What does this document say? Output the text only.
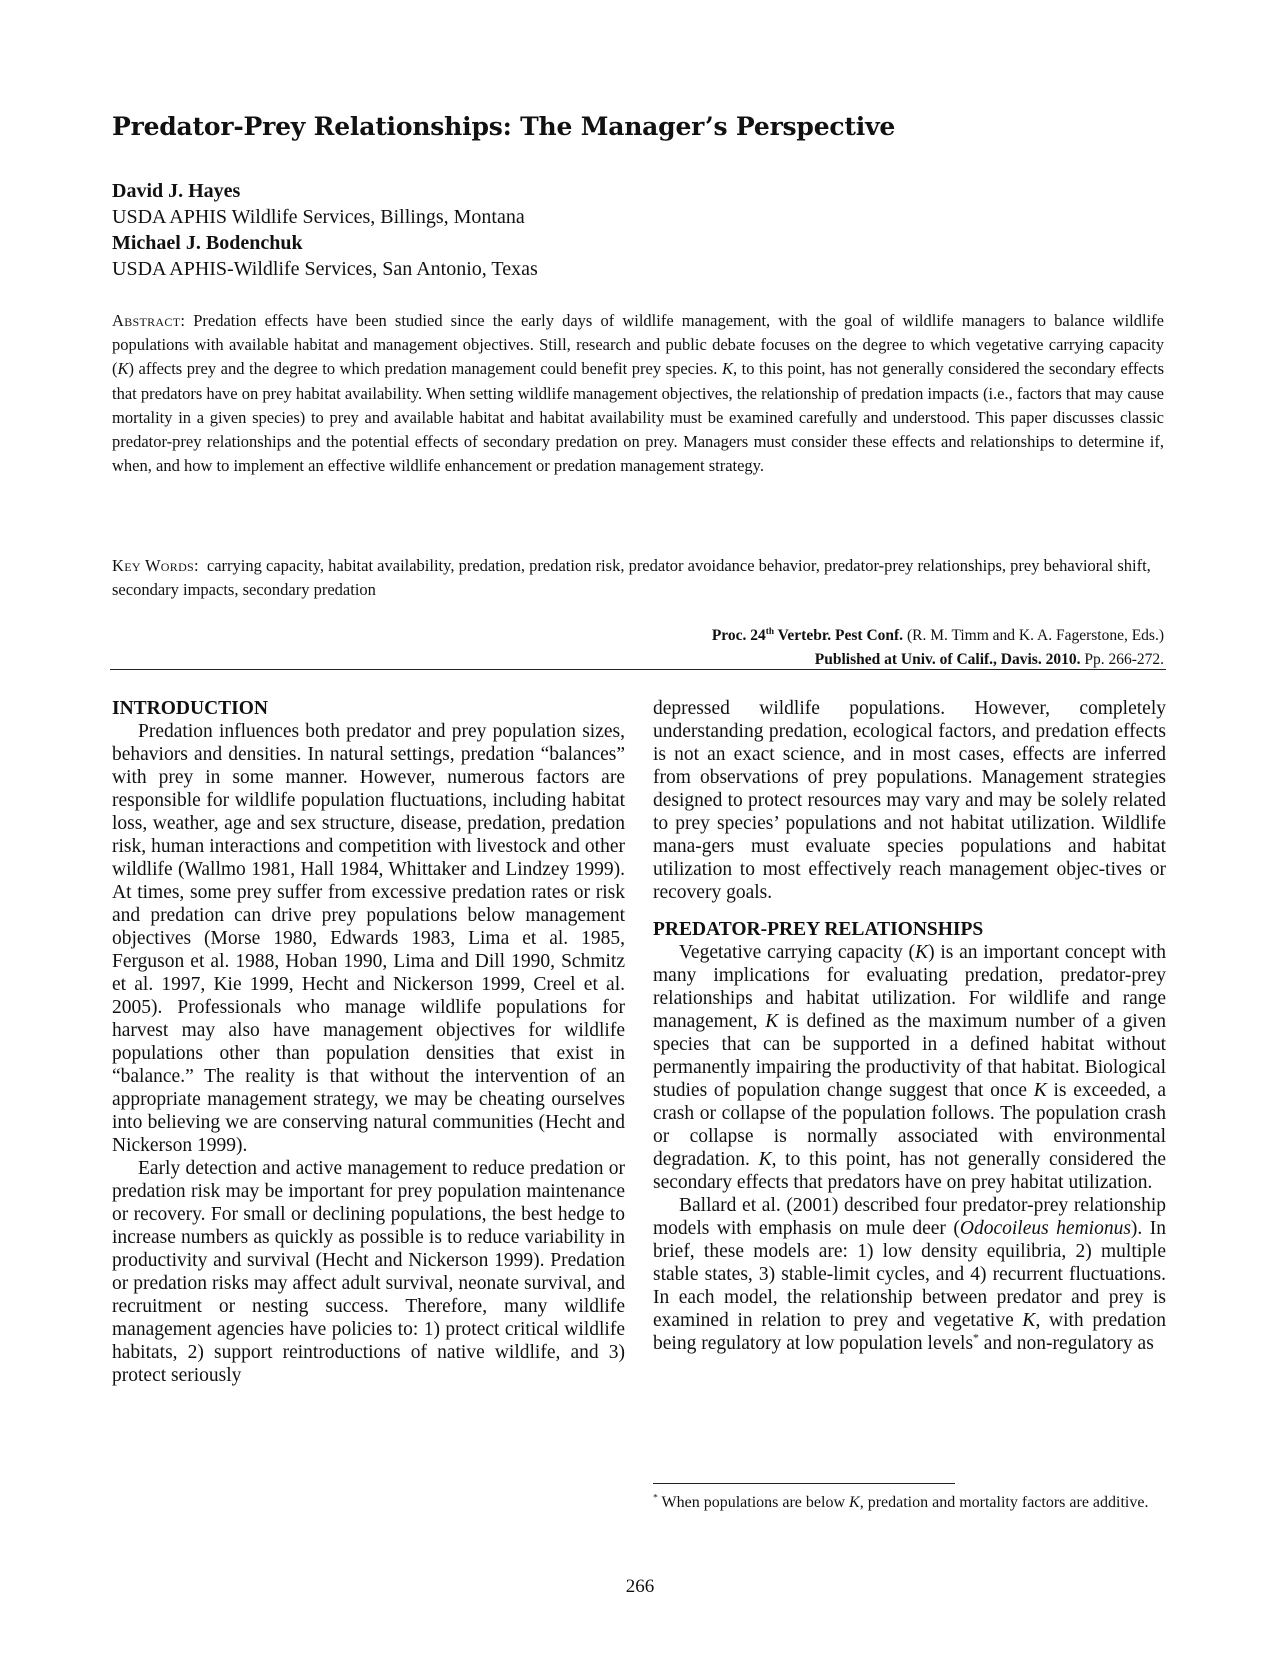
Predator-Prey Relationships: The Manager’s Perspective
David J. Hayes
USDA APHIS Wildlife Services, Billings, Montana
Michael J. Bodenchuk
USDA APHIS-Wildlife Services, San Antonio, Texas

Abstract: Predation effects have been studied since the early days of wildlife management, with the goal of wildlife managers to balance wildlife populations with available habitat and management objectives. Still, research and public debate focuses on the degree to which vegetative carrying capacity (K) affects prey and the degree to which predation management could benefit prey species. K, to this point, has not generally considered the secondary effects that predators have on prey habitat availability. When setting wildlife management objectives, the relationship of predation impacts (i.e., factors that may cause mortality in a given species) to prey and available habitat and habitat availability must be examined carefully and understood. This paper discusses classic predator-prey relationships and the potential effects of secondary predation on prey. Managers must consider these effects and relationships to determine if, when, and how to implement an effective wildlife enhancement or predation management strategy.

Key Words: carrying capacity, habitat availability, predation, predation risk, predator avoidance behavior, predator-prey relationships, prey behavioral shift, secondary impacts, secondary predation

Proc. 24th Vertebr. Pest Conf. (R. M. Timm and K. A. Fagerstone, Eds.)
Published at Univ. of Calif., Davis. 2010. Pp. 266-272.
INTRODUCTION

Predation influences both predator and prey population sizes, behaviors and densities. In natural settings, predation “balances” with prey in some manner. However, numerous factors are responsible for wildlife population fluctuations, including habitat loss, weather, age and sex structure, disease, predation, predation risk, human interactions and competition with livestock and other wildlife (Wallmo 1981, Hall 1984, Whittaker and Lindzey 1999). At times, some prey suffer from excessive predation rates or risk and predation can drive prey populations below management objectives (Morse 1980, Edwards 1983, Lima et al. 1985, Ferguson et al. 1988, Hoban 1990, Lima and Dill 1990, Schmitz et al. 1997, Kie 1999, Hecht and Nickerson 1999, Creel et al. 2005). Professionals who manage wildlife populations for harvest may also have management objectives for wildlife populations other than population densities that exist in “balance.” The reality is that without the intervention of an appropriate management strategy, we may be cheating ourselves into believing we are conserving natural communities (Hecht and Nickerson 1999).

Early detection and active management to reduce predation or predation risk may be important for prey population maintenance or recovery. For small or declining populations, the best hedge to increase numbers as quickly as possible is to reduce variability in productivity and survival (Hecht and Nickerson 1999). Predation or predation risks may affect adult survival, neonate survival, and recruitment or nesting success. Therefore, many wildlife management agencies have policies to: 1) protect critical wildlife habitats, 2) support reintroductions of native wildlife, and 3) protect seriously

depressed wildlife populations. However, completely understanding predation, ecological factors, and predation effects is not an exact science, and in most cases, effects are inferred from observations of prey populations. Management strategies designed to protect resources may vary and may be solely related to prey species’ populations and not habitat utilization. Wildlife mana-gers must evaluate species populations and habitat utilization to most effectively reach management objec-tives or recovery goals.

PREDATOR-PREY RELATIONSHIPS

Vegetative carrying capacity (K) is an important concept with many implications for evaluating predation, predator-prey relationships and habitat utilization. For wildlife and range management, K is defined as the maximum number of a given species that can be supported in a defined habitat without permanently impairing the productivity of that habitat. Biological studies of population change suggest that once K is exceeded, a crash or collapse of the population follows. The population crash or collapse is normally associated with environmental degradation. K, to this point, has not generally considered the secondary effects that predators have on prey habitat utilization.

Ballard et al. (2001) described four predator-prey relationship models with emphasis on mule deer (Odocoileus hemionus). In brief, these models are: 1) low density equilibria, 2) multiple stable states, 3) stable-limit cycles, and 4) recurrent fluctuations. In each model, the relationship between predator and prey is examined in relation to prey and vegetative K, with predation being regulatory at low population levels* and non-regulatory as

* When populations are below K, predation and mortality factors are additive.
266
